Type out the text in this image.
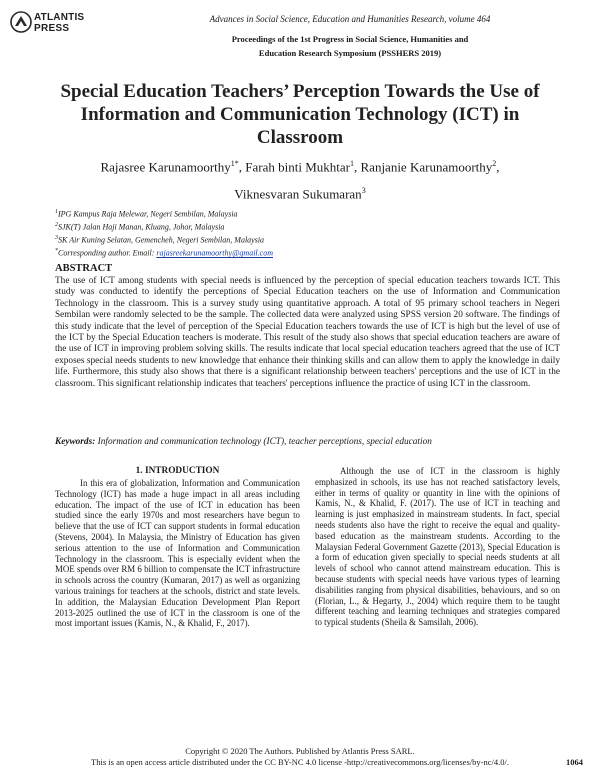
ATLANTIS
PRESS
Advances in Social Science, Education and Humanities Research, volume 464
Proceedings of the 1st Progress in Social Science, Humanities and
Education Research Symposium (PSSHERS 2019)
Special Education Teachers’ Perception Towards the Use of Information and Communication Technology (ICT) in Classroom
Rajasree Karunamoorthy$^{1*}$, Farah binti Mukhtar$^1$, Ranjanie Karunamoorthy$^2$,
Viknesvaran Sukumaran$^3$
$^1$IPG Kampus Raja Melewar, Negeri Sembilan, Malaysia
$^2$SJK(T) Jalan Haji Manan, Kluang, Johor, Malaysia
$^3$SK Air Kuning Selatan, Gemencheh, Negeri Sembilan, Malaysia
*Corresponding author. Email: rajasreekarunamoorthy@gmail.com
ABSTRACT
The use of ICT among students with special needs is influenced by the perception of special education teachers towards ICT. This study was conducted to identify the perceptions of Special Education teachers on the use of Information and Communication Technology in the classroom. This is a survey study using quantitative approach. A total of 95 primary school teachers in Negeri Sembilan were randomly selected to be the sample. The collected data were analyzed using SPSS version 20 software. The findings of this study indicate that the level of perception of the Special Education teachers towards the use of ICT is high but the level of use of the ICT by the Special Education teachers is moderate. This result of the study also shows that special education teachers are aware of the use of ICT in improving problem solving skills. The results indicate that local special education teachers agreed that the use of ICT exposes special needs students to new knowledge that enhance their thinking skills and can allow them to apply the knowledge in daily life. Furthermore, this study also shows that there is a significant relationship between teachers' perceptions and the use of ICT in the classroom. This significant relationship indicates that teachers' perceptions influence the practice of using ICT in the classroom.
Keywords: Information and communication technology (ICT), teacher perceptions, special education
1. INTRODUCTION
In this era of globalization, Information and Communication Technology (ICT) has made a huge impact in all areas including education. The impact of the use of ICT in education has been studied since the early 1970s and most researchers have begun to believe that the use of ICT can support students in formal education (Stevens, 2004). In Malaysia, the Ministry of Education has given serious attention to the use of Information and Communication Technology in the classroom. This is especially evident when the MOE spends over RM 6 billion to compensate the ICT infrastructure in schools across the country (Kumaran, 2017) as well as organizing various trainings for teachers at the schools, district and state levels. In addition, the Malaysian Education Development Plan Report 2013-2025 outlined the use of ICT in the classroom is one of the most important issues (Kamis, N., & Khalid, F., 2017).
Although the use of ICT in the classroom is highly emphasized in schools, its use has not reached satisfactory levels, either in terms of quality or quantity in line with the opinions of Kamis, N., & Khalid, F. (2017). The use of ICT in teaching and learning is just emphasized in mainstream students. In fact, special needs students also have the right to receive the equal and quality-based education as the mainstream students. According to the Malaysian Federal Government Gazette (2013), Special Education is a form of education given specially to special needs students at all levels of school who cannot attend mainstream education. This is because students with special needs have various types of learning disabilities ranging from physical disabilities, behaviours, and so on (Florian, L., & Hegarty, J., 2004) which require them to be taught different teaching and learning techniques and strategies compared to typical students (Sheila & Samsilah, 2006).
Copyright © 2020 The Authors. Published by Atlantis Press SARL.
This is an open access article distributed under the CC BY-NC 4.0 license -http://creativecommons.org/licenses/by-nc/4.0/.	1064
